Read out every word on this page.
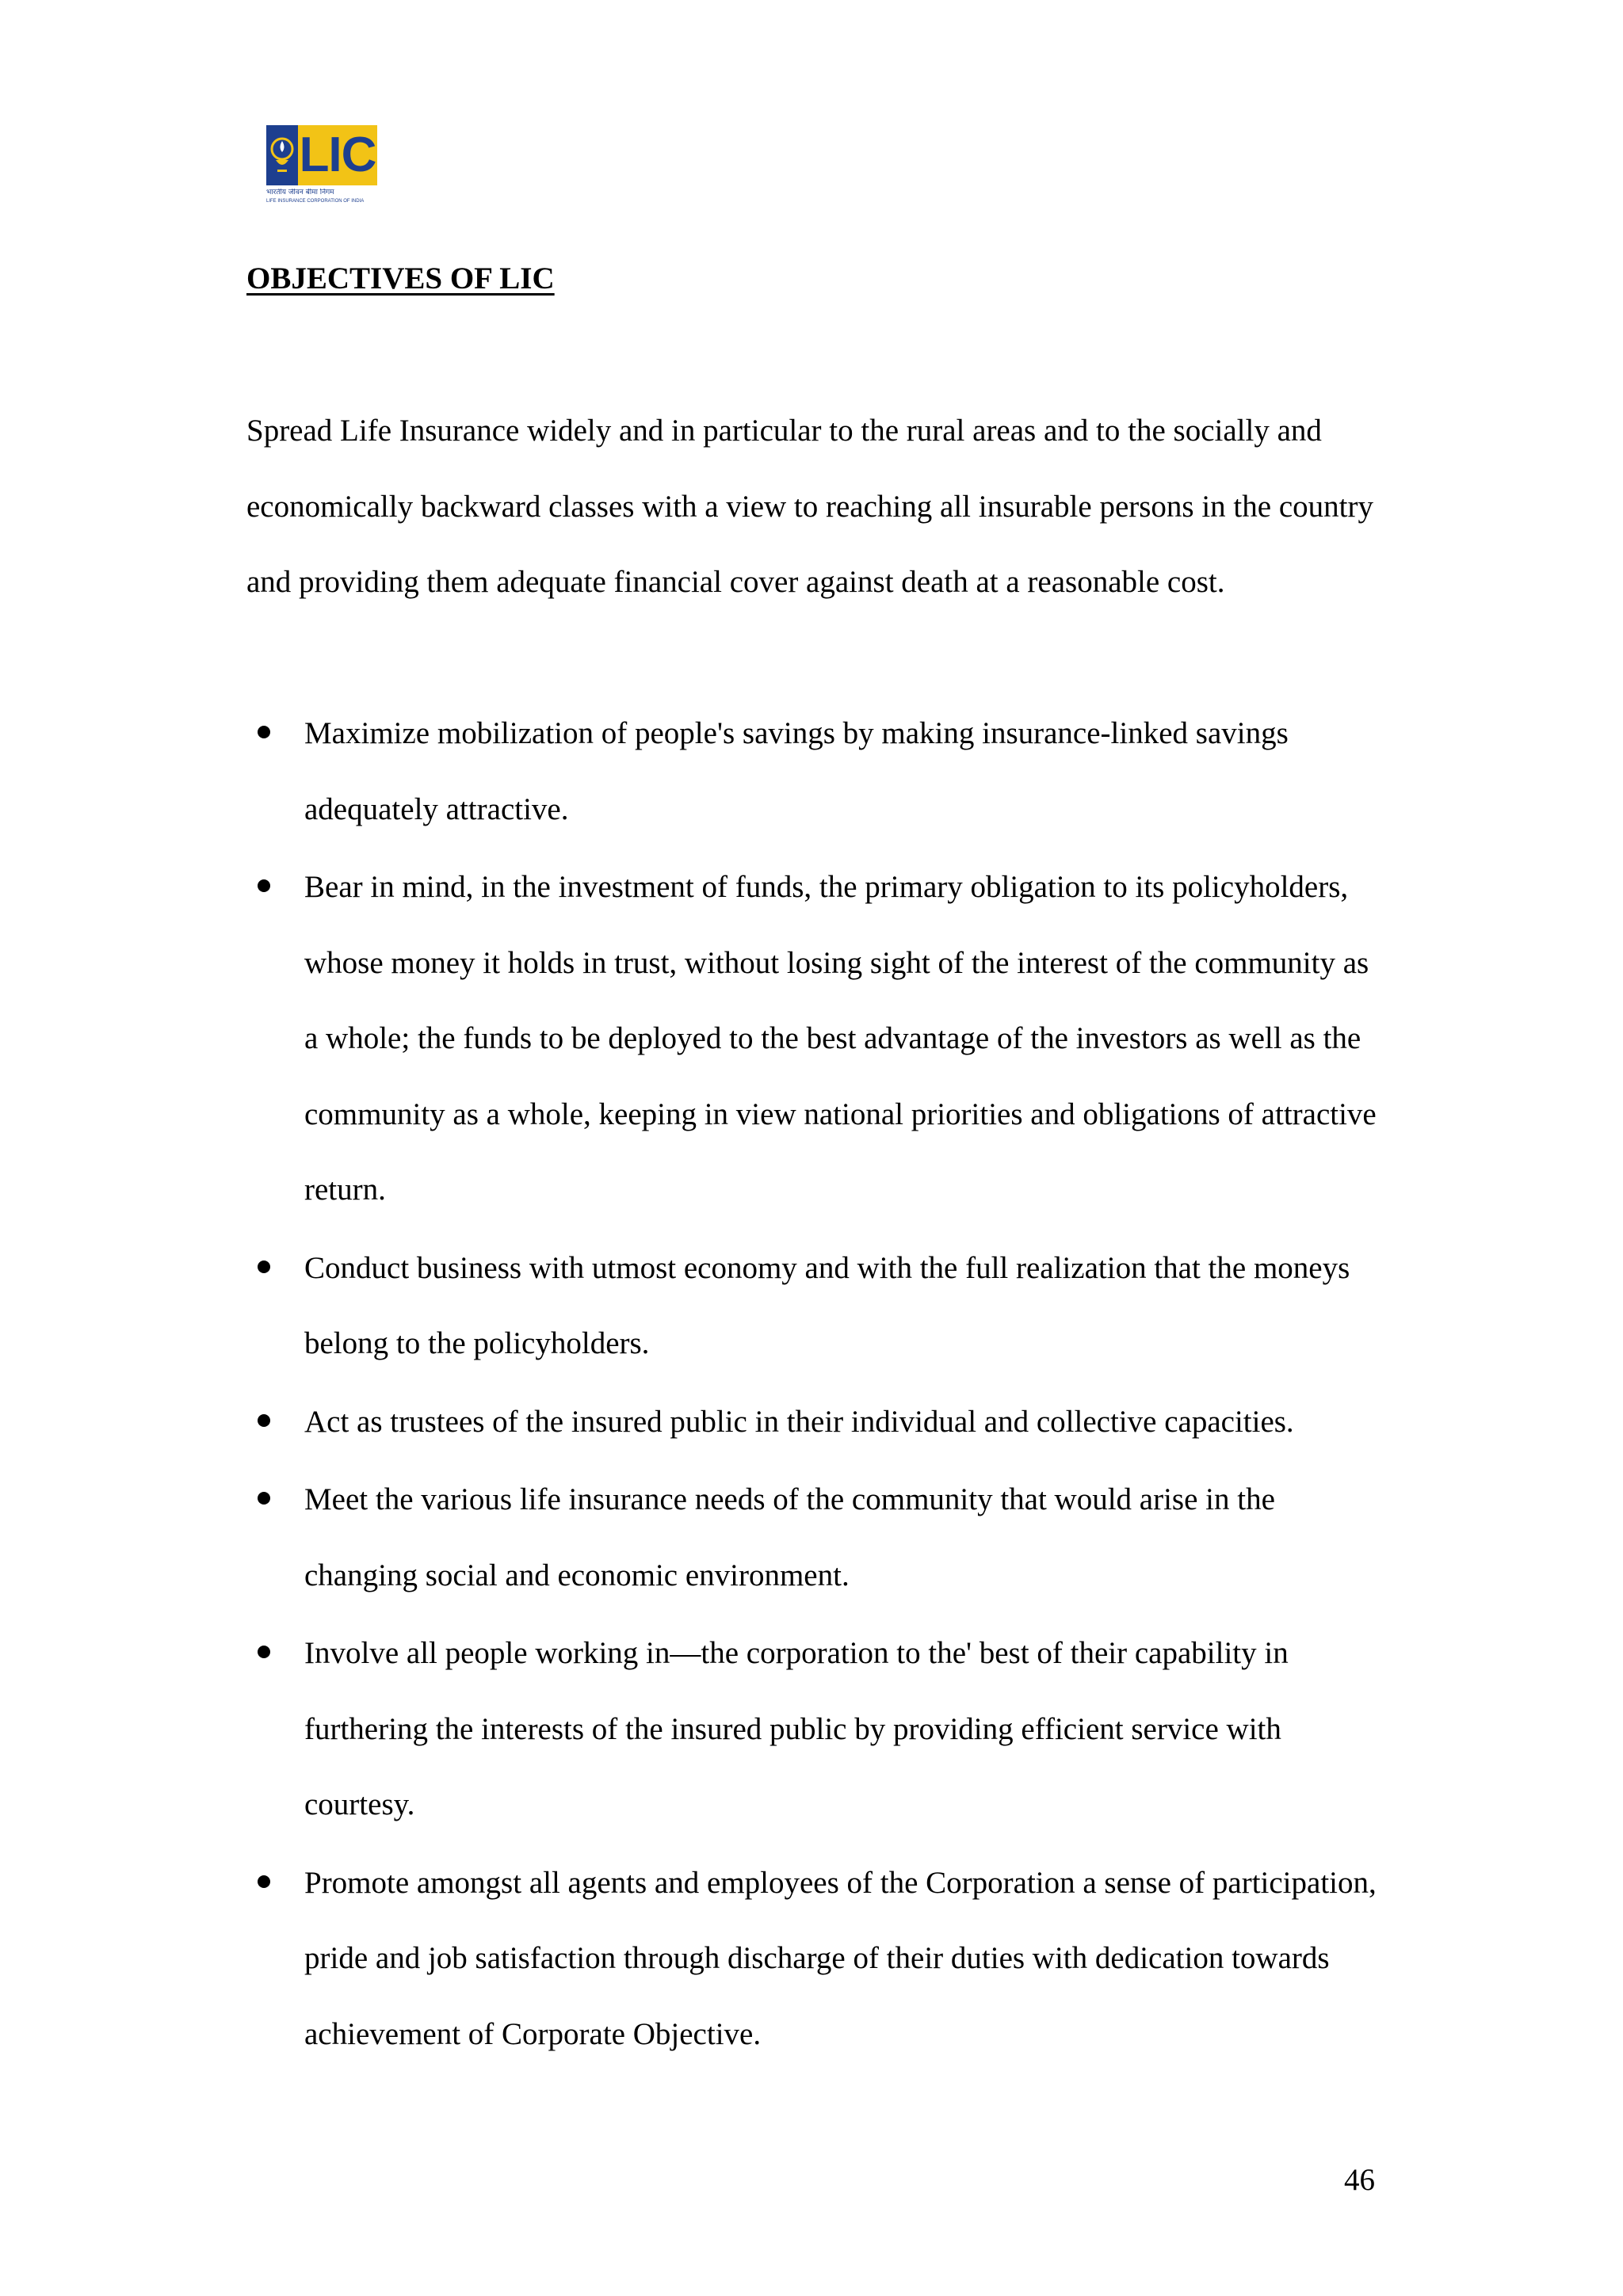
LIC
भारतीय जीवन बीमा निगम
LIFE INSURANCE CORPORATION OF INDIA
OBJECTIVES OF LIC

Spread Life Insurance widely and in particular to the rural areas and to the socially and economically backward classes with a view to reaching all insurable persons in the country and providing them adequate financial cover against death at a reasonable cost.

Maximize mobilization of people's savings by making insurance-linked savings adequately attractive.
Bear in mind, in the investment of funds, the primary obligation to its policyholders, whose money it holds in trust, without losing sight of the interest of the community as a whole; the funds to be deployed to the best advantage of the investors as well as the community as a whole, keeping in view national priorities and obligations of attractive return.
Conduct business with utmost economy and with the full realization that the moneys belong to the policyholders.
Act as trustees of the insured public in their individual and collective capacities.
Meet the various life insurance needs of the community that would arise in the changing social and economic environment.
Involve all people working in—the corporation to the' best of their capability in furthering the interests of the insured public by providing efficient service with courtesy.
Promote amongst all agents and employees of the Corporation a sense of participation, pride and job satisfaction through discharge of their duties with dedication towards achievement of Corporate Objective.
46
